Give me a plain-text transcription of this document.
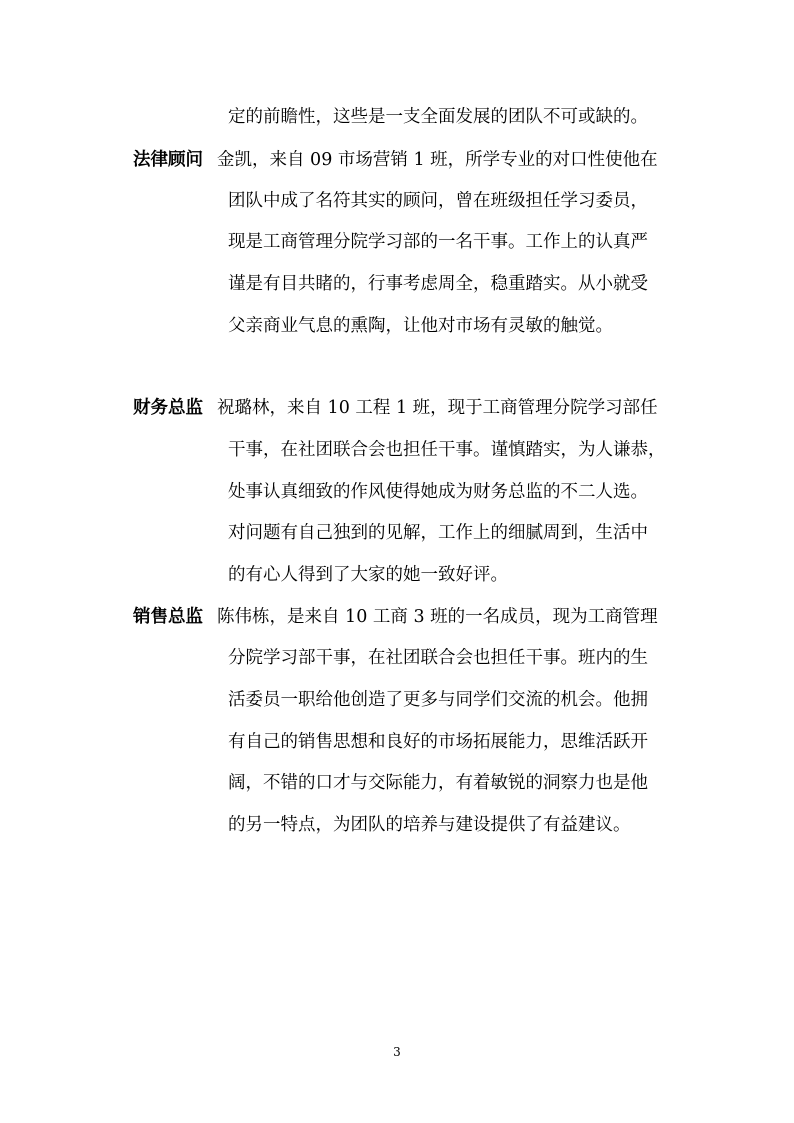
定的前瞻性，这些是一支全面发展的团队不可或缺的。
法律顾问 金凯，来自 09 市场营销 1 班，所学专业的对口性使他在
团队中成了名符其实的顾问，曾在班级担任学习委员，
现是工商管理分院学习部的一名干事。工作上的认真严
谨是有目共睹的，行事考虑周全，稳重踏实。从小就受
父亲商业气息的熏陶，让他对市场有灵敏的触觉。
财务总监 祝璐林，来自 10 工程 1 班，现于工商管理分院学习部任
干事，在社团联合会也担任干事。谨慎踏实，为人谦恭，
处事认真细致的作风使得她成为财务总监的不二人选。
对问题有自己独到的见解，工作上的细腻周到，生活中
的有心人得到了大家的她一致好评。
销售总监 陈伟栋，是来自 10 工商 3 班的一名成员，现为工商管理
分院学习部干事，在社团联合会也担任干事。班内的生
活委员一职给他创造了更多与同学们交流的机会。他拥
有自己的销售思想和良好的市场拓展能力，思维活跃开
阔，不错的口才与交际能力，有着敏锐的洞察力也是他
的另一特点，为团队的培养与建设提供了有益建议。
3
